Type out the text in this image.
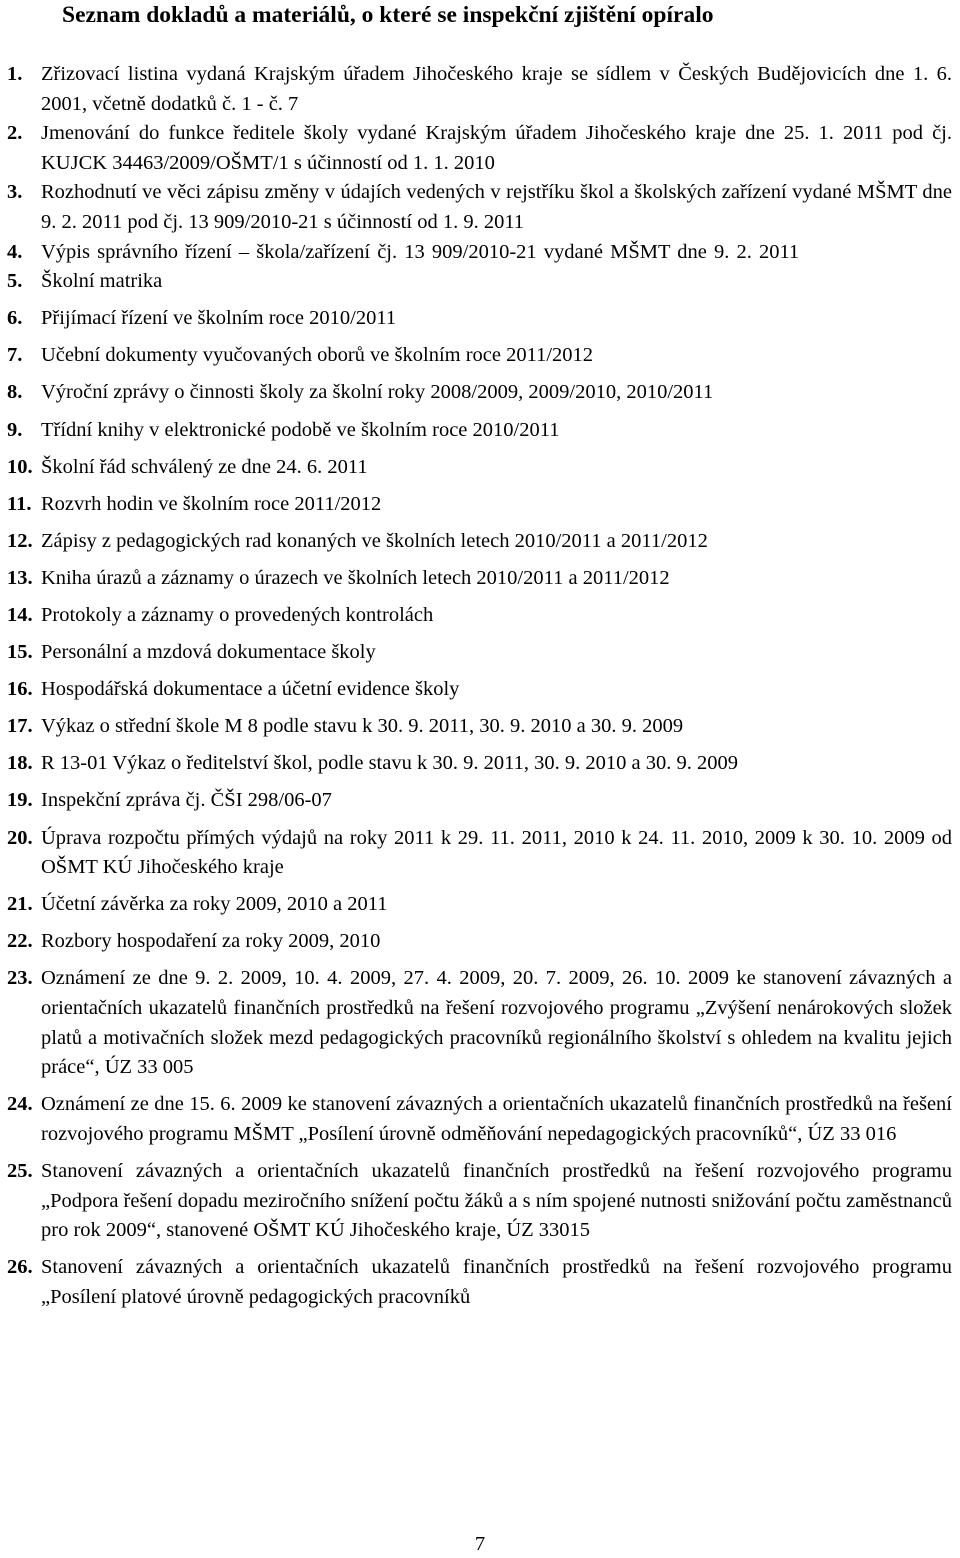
Seznam dokladů a materiálů, o které se inspekční zjištění opíralo
1. Zřizovací listina vydaná Krajským úřadem Jihočeského kraje se sídlem v Českých Budějovicích dne 1. 6. 2001, včetně dodatků č. 1 - č. 7
2. Jmenování do funkce ředitele školy vydané Krajským úřadem Jihočeského kraje dne 25. 1. 2011 pod čj. KUJCK 34463/2009/OŠMT/1 s účinností od 1. 1. 2010
3. Rozhodnutí ve věci zápisu změny v údajích vedených v rejstříku škol a školských zařízení vydané MŠMT dne 9. 2. 2011 pod čj. 13 909/2010-21 s účinností od 1. 9. 2011
4. Výpis správního řízení – škola/zařízení čj. 13 909/2010-21 vydané MŠMT dne 9. 2. 2011
5. Školní matrika
6. Přijímací řízení ve školním roce 2010/2011
7. Učební dokumenty vyučovaných oborů ve školním roce 2011/2012
8. Výroční zprávy o činnosti školy za školní roky 2008/2009, 2009/2010, 2010/2011
9. Třídní knihy v elektronické podobě ve školním roce 2010/2011
10. Školní řád schválený ze dne 24. 6. 2011
11. Rozvrh hodin ve školním roce 2011/2012
12. Zápisy z pedagogických rad konaných ve školních letech 2010/2011 a 2011/2012
13. Kniha úrazů a záznamy o úrazech ve školních letech 2010/2011 a 2011/2012
14. Protokoly a záznamy o provedených kontrolách
15. Personální a mzdová dokumentace školy
16. Hospodářská dokumentace a účetní evidence školy
17. Výkaz o střední škole M 8 podle stavu k 30. 9. 2011, 30. 9. 2010 a 30. 9. 2009
18. R 13-01 Výkaz o ředitelství škol, podle stavu k 30. 9. 2011, 30. 9. 2010 a 30. 9. 2009
19. Inspekční zpráva čj. ČŠI 298/06-07
20. Úprava rozpočtu přímých výdajů na roky 2011 k 29. 11. 2011, 2010 k 24. 11. 2010, 2009 k 30. 10. 2009 od OŠMT KÚ Jihočeského kraje
21. Účetní závěrka za roky 2009, 2010 a 2011
22. Rozbory hospodaření za roky 2009, 2010
23. Oznámení ze dne 9. 2. 2009, 10. 4. 2009, 27. 4. 2009, 20. 7. 2009, 26. 10. 2009 ke stanovení závazných a orientačních ukazatelů finančních prostředků na řešení rozvojového programu „Zvýšení nenárokových složek platů a motivačních složek mezd pedagogických pracovníků regionálního školství s ohledem na kvalitu jejich práce“, ÚZ 33 005
24. Oznámení ze dne 15. 6. 2009 ke stanovení závazných a orientačních ukazatelů finančních prostředků na řešení rozvojového programu MŠMT „Posílení úrovně odměňování nepedagogických pracovníků“, ÚZ 33 016
25. Stanovení závazných a orientačních ukazatelů finančních prostředků na řešení rozvojového programu „Podpora řešení dopadu meziročního snížení počtu žáků a s ním spojené nutnosti snižování počtu zaměstnanců pro rok 2009“, stanovené OŠMT KÚ Jihočeského kraje, ÚZ 33015
26. Stanovení závazných a orientačních ukazatelů finančních prostředků na řešení rozvojového programu „Posílení platové úrovně pedagogických pracovníků
7
